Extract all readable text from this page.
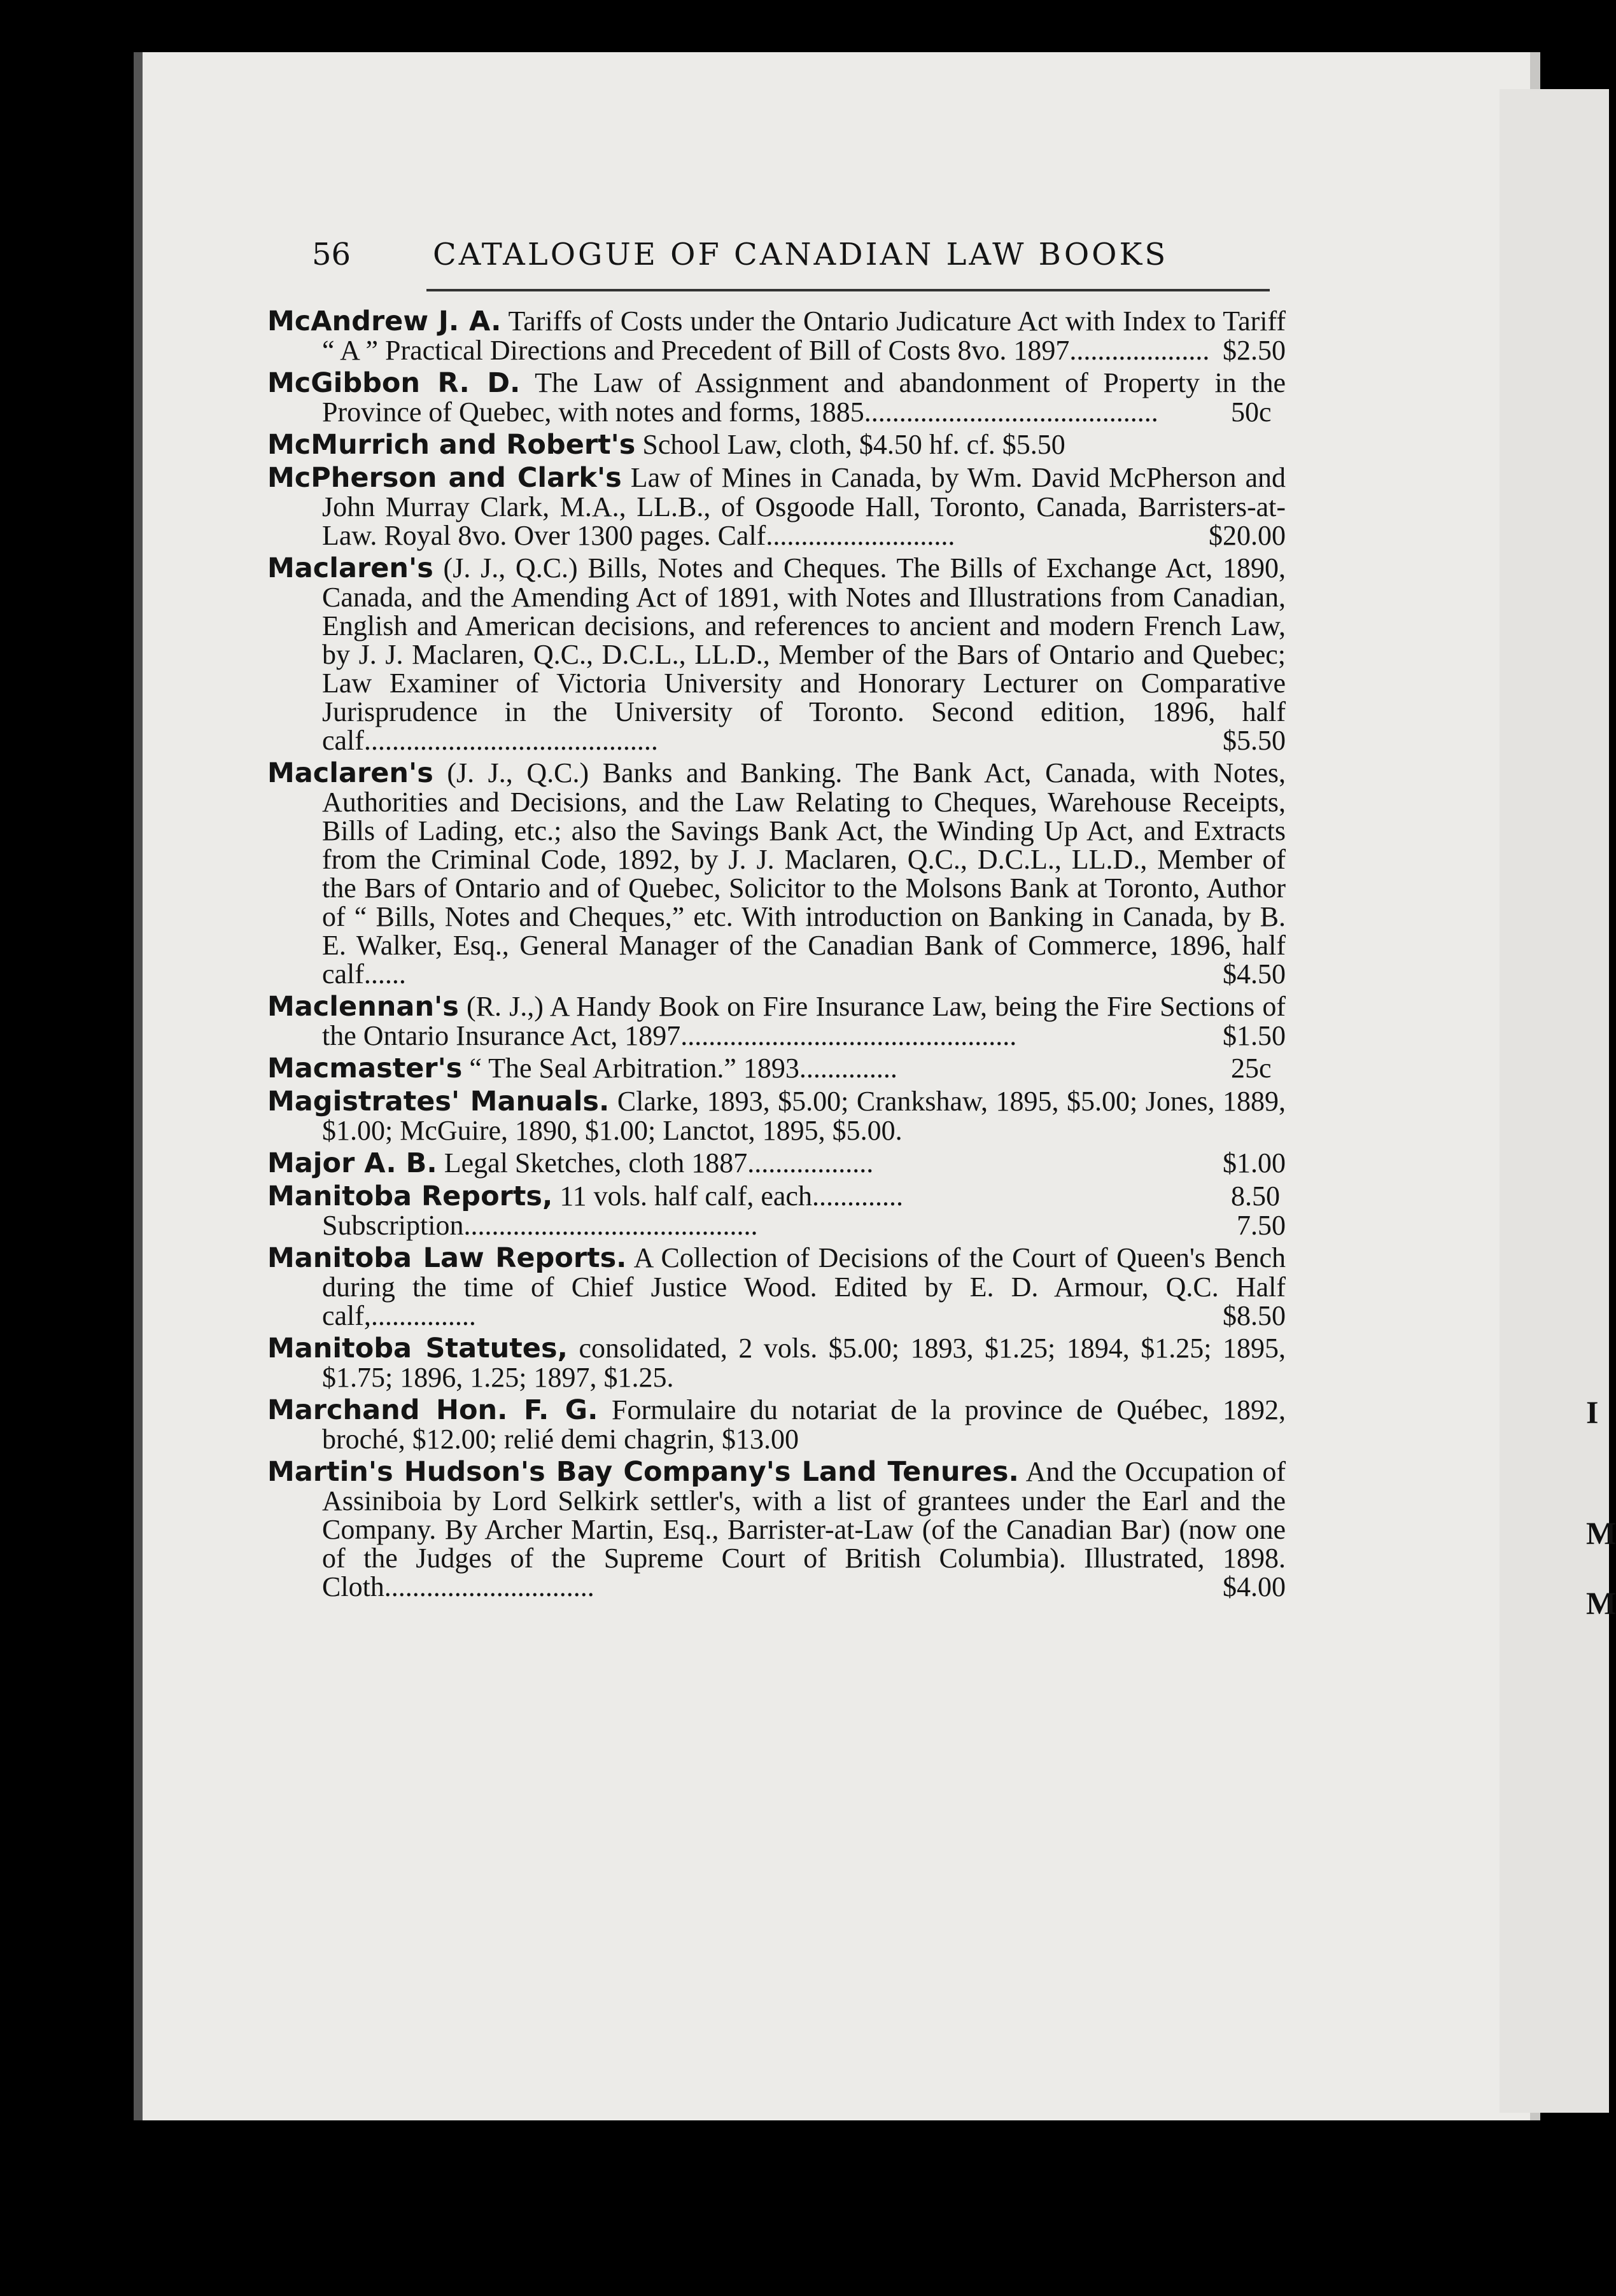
I
M
M
56	CATALOGUE OF CANADIAN LAW BOOKS
McAndrew J. A. Tariffs of Costs under the Ontario Judicature Act with Index to Tariff “ A ” Practical Directions and Precedent of Bill of Costs 8vo. 1897.................... $2.50
McGibbon R. D. The Law of Assignment and abandonment of Property in the Province of Quebec, with notes and forms, 1885..........................................	50c
McMurrich and Robert's School Law, cloth, $4.50 hf. cf. $5.50
McPherson and Clark's Law of Mines in Canada, by Wm. David McPherson and John Murray Clark, M.A., LL.B., of Osgoode Hall, Toronto, Canada, Barristers-at-Law. Royal 8vo. Over 1300 pages. Calf...........................	$20.00
Maclaren's (J. J., Q.C.) Bills, Notes and Cheques. The Bills of Exchange Act, 1890, Canada, and the Amending Act of 1891, with Notes and Illustrations from Canadian, English and American decisions, and references to ancient and modern French Law, by J. J. Maclaren, Q.C., D.C.L., LL.D., Member of the Bars of Ontario and Quebec; Law Examiner of Victoria University and Honorary Lecturer on Comparative Jurisprudence in the University of Toronto. Second edition, 1896, half calf..........................................	$5.50
Maclaren's (J. J., Q.C.) Banks and Banking. The Bank Act, Canada, with Notes, Authorities and Decisions, and the Law Relating to Cheques, Warehouse Receipts, Bills of Lading, etc.; also the Savings Bank Act, the Winding Up Act, and Extracts from the Criminal Code, 1892, by J. J. Maclaren, Q.C., D.C.L., LL.D., Member of the Bars of Ontario and of Quebec, Solicitor to the Molsons Bank at Toronto, Author of “ Bills, Notes and Cheques,” etc. With introduction on Banking in Canada, by B. E. Walker, Esq., General Manager of the Canadian Bank of Commerce, 1896, half calf......	$4.50
Maclennan's (R. J.,) A Handy Book on Fire Insurance Law, being the Fire Sections of the Ontario Insurance Act, 1897................................................	$1.50
Macmaster's “ The Seal Arbitration.” 1893..............	25c
Magistrates' Manuals. Clarke, 1893, $5.00; Crankshaw, 1895, $5.00; Jones, 1889, $1.00; McGuire, 1890, $1.00; Lanctot, 1895, $5.00.
Major A. B. Legal Sketches, cloth 1887..................	$1.00
Manitoba Reports, 11 vols. half calf, each.............	8.50
Subscription..........................................	7.50
Manitoba Law Reports. A Collection of Decisions of the Court of Queen's Bench during the time of Chief Justice Wood. Edited by E. D. Armour, Q.C. Half calf,...............	$8.50
Manitoba Statutes, consolidated, 2 vols. $5.00; 1893, $1.25; 1894, $1.25; 1895, $1.75; 1896, 1.25; 1897, $1.25.
Marchand Hon. F. G. Formulaire du notariat de la province de Québec, 1892, broché, $12.00; relié demi chagrin, $13.00
Martin's Hudson's Bay Company's Land Tenures. And the Occupation of Assiniboia by Lord Selkirk settler's, with a list of grantees under the Earl and the Company. By Archer Martin, Esq., Barrister-at-Law (of the Canadian Bar) (now one of the Judges of the Supreme Court of British Columbia). Illustrated, 1898. Cloth..............................	$4.00
